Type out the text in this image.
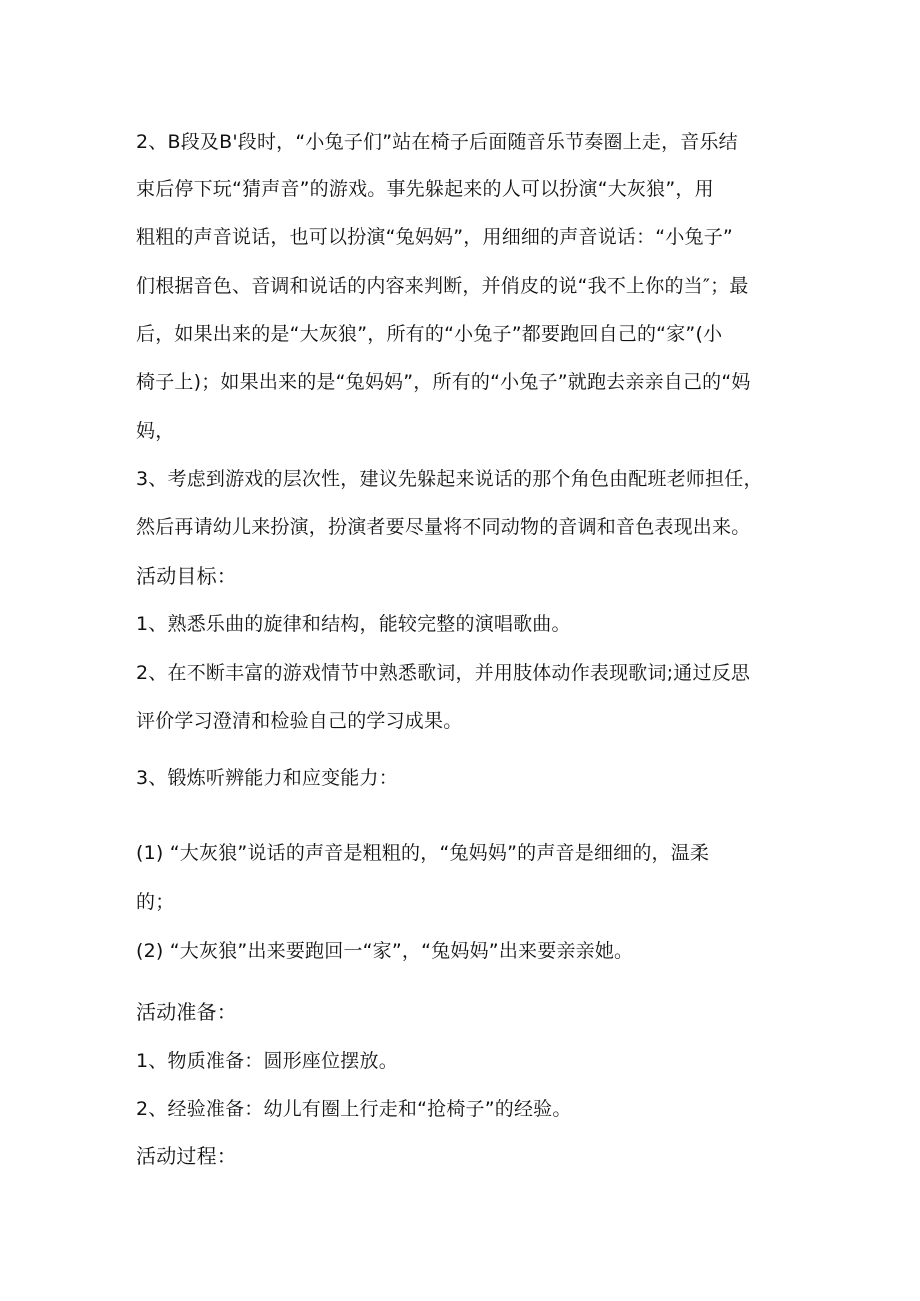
2、B段及B'段时，“小兔子们”站在椅子后面随音乐节奏圈上走，音乐结
束后停下玩“猜声音”的游戏。事先躲起来的人可以扮演“大灰狼”，用
粗粗的声音说话，也可以扮演“兔妈妈”，用细细的声音说话：“小兔子”
们根据音色、音调和说话的内容来判断，并俏皮的说“我不上你的当″；最
后，如果出来的是“大灰狼”，所有的“小兔子”都要跑回自己的“家”(小
椅子上)；如果出来的是“兔妈妈”，所有的“小兔子”就跑去亲亲自己的“妈
妈，
3、考虑到游戏的层次性，建议先躲起来说话的那个角色由配班老师担任，
然后再请幼儿来扮演，扮演者要尽量将不同动物的音调和音色表现出来。
活动目标：
1、熟悉乐曲的旋律和结构，能较完整的演唱歌曲。
2、在不断丰富的游戏情节中熟悉歌词，并用肢体动作表现歌词;通过反思
评价学习澄清和检验自己的学习成果。
3、锻炼听辨能力和应变能力：
(1) “大灰狼”说话的声音是粗粗的，“兔妈妈”的声音是细细的，温柔
的；
(2) “大灰狼”出来要跑回一“家”，“兔妈妈”出来要亲亲她。
活动准备：
1、物质准备：圆形座位摆放。
2、经验准备：幼儿有圈上行走和“抢椅子”的经验。
活动过程：
